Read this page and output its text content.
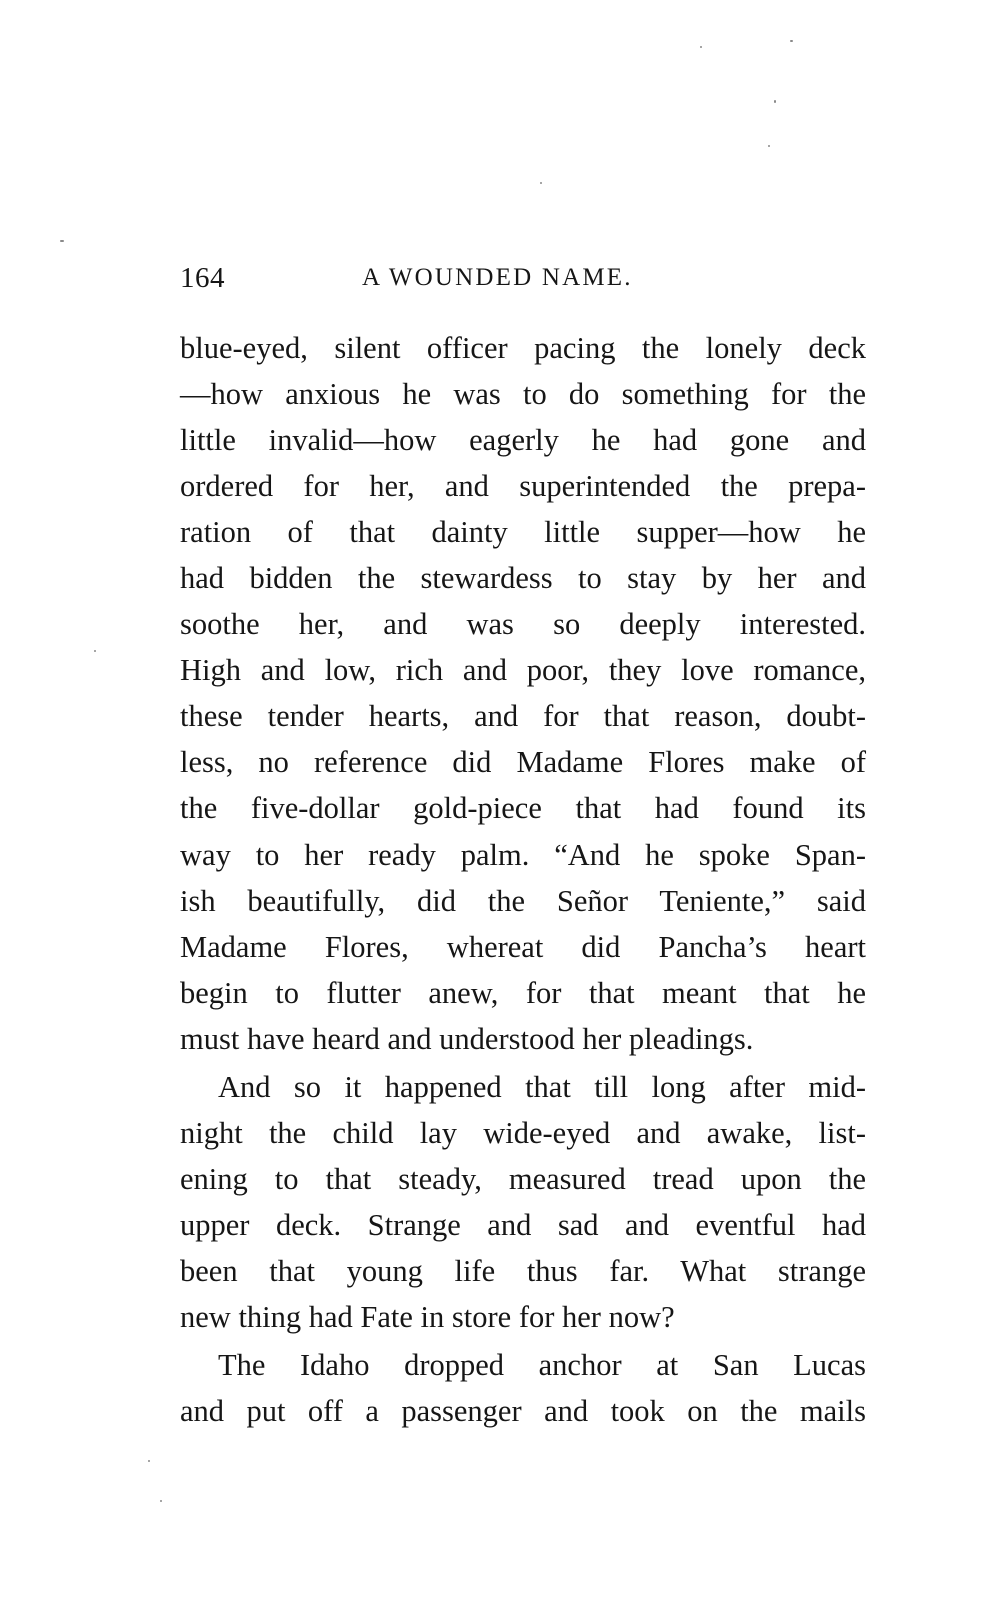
164	A WOUNDED NAME.
blue-eyed, silent officer pacing the lonely deck
—how anxious he was to do something for the
little invalid—how eagerly he had gone and
ordered for her, and superintended the prepa-
ration of that dainty little supper—how he
had bidden the stewardess to stay by her and
soothe her, and was so deeply interested.
High and low, rich and poor, they love romance,
these tender hearts, and for that reason, doubt-
less, no reference did Madame Flores make of
the five-dollar gold-piece that had found its
way to her ready palm. “And he spoke Span-
ish beautifully, did the Señor Teniente,” said
Madame Flores, whereat did Pancha’s heart
begin to flutter anew, for that meant that he
must have heard and understood her pleadings.
And so it happened that till long after mid-
night the child lay wide-eyed and awake, list-
ening to that steady, measured tread upon the
upper deck. Strange and sad and eventful had
been that young life thus far. What strange
new thing had Fate in store for her now?
The Idaho dropped anchor at San Lucas
and put off a passenger and took on the mails
